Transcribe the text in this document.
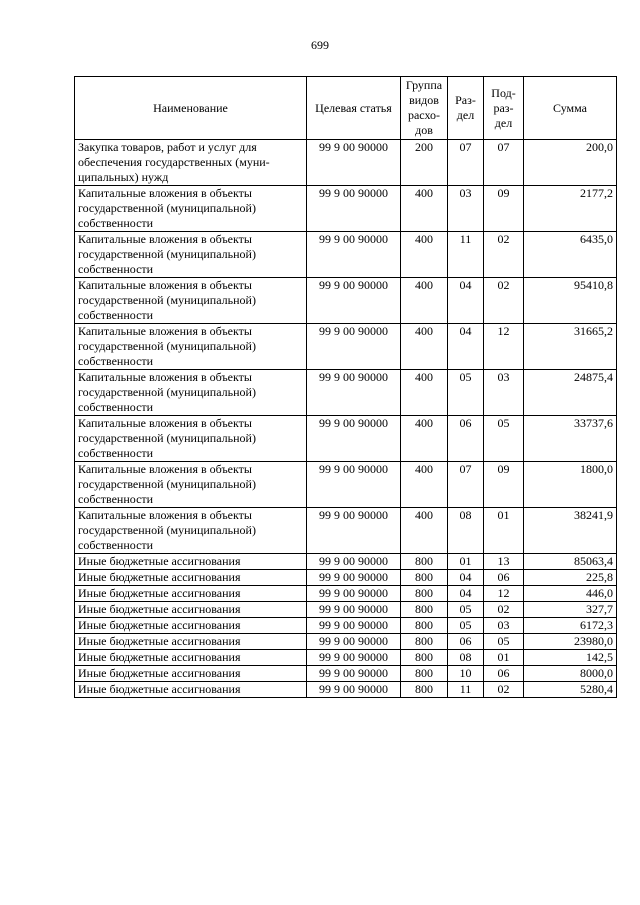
699
Наименование	Целевая статья	Группа видов расхо-дов	Раз-дел	Под-раз-дел	Сумма
Закупка товаров, работ и услуг для обеспечения государственных (муни-ципальных) нужд	99 9 00 90000	200	07	07	200,0
Капитальные вложения в объекты государственной (муниципальной) собственности	99 9 00 90000	400	03	09	2177,2
Капитальные вложения в объекты государственной (муниципальной) собственности	99 9 00 90000	400	11	02	6435,0
Капитальные вложения в объекты государственной (муниципальной) собственности	99 9 00 90000	400	04	02	95410,8
Капитальные вложения в объекты государственной (муниципальной) собственности	99 9 00 90000	400	04	12	31665,2
Капитальные вложения в объекты государственной (муниципальной) собственности	99 9 00 90000	400	05	03	24875,4
Капитальные вложения в объекты государственной (муниципальной) собственности	99 9 00 90000	400	06	05	33737,6
Капитальные вложения в объекты государственной (муниципальной) собственности	99 9 00 90000	400	07	09	1800,0
Капитальные вложения в объекты государственной (муниципальной) собственности	99 9 00 90000	400	08	01	38241,9
Иные бюджетные ассигнования	99 9 00 90000	800	01	13	85063,4
Иные бюджетные ассигнования	99 9 00 90000	800	04	06	225,8
Иные бюджетные ассигнования	99 9 00 90000	800	04	12	446,0
Иные бюджетные ассигнования	99 9 00 90000	800	05	02	327,7
Иные бюджетные ассигнования	99 9 00 90000	800	05	03	6172,3
Иные бюджетные ассигнования	99 9 00 90000	800	06	05	23980,0
Иные бюджетные ассигнования	99 9 00 90000	800	08	01	142,5
Иные бюджетные ассигнования	99 9 00 90000	800	10	06	8000,0
Иные бюджетные ассигнования	99 9 00 90000	800	11	02	5280,4
